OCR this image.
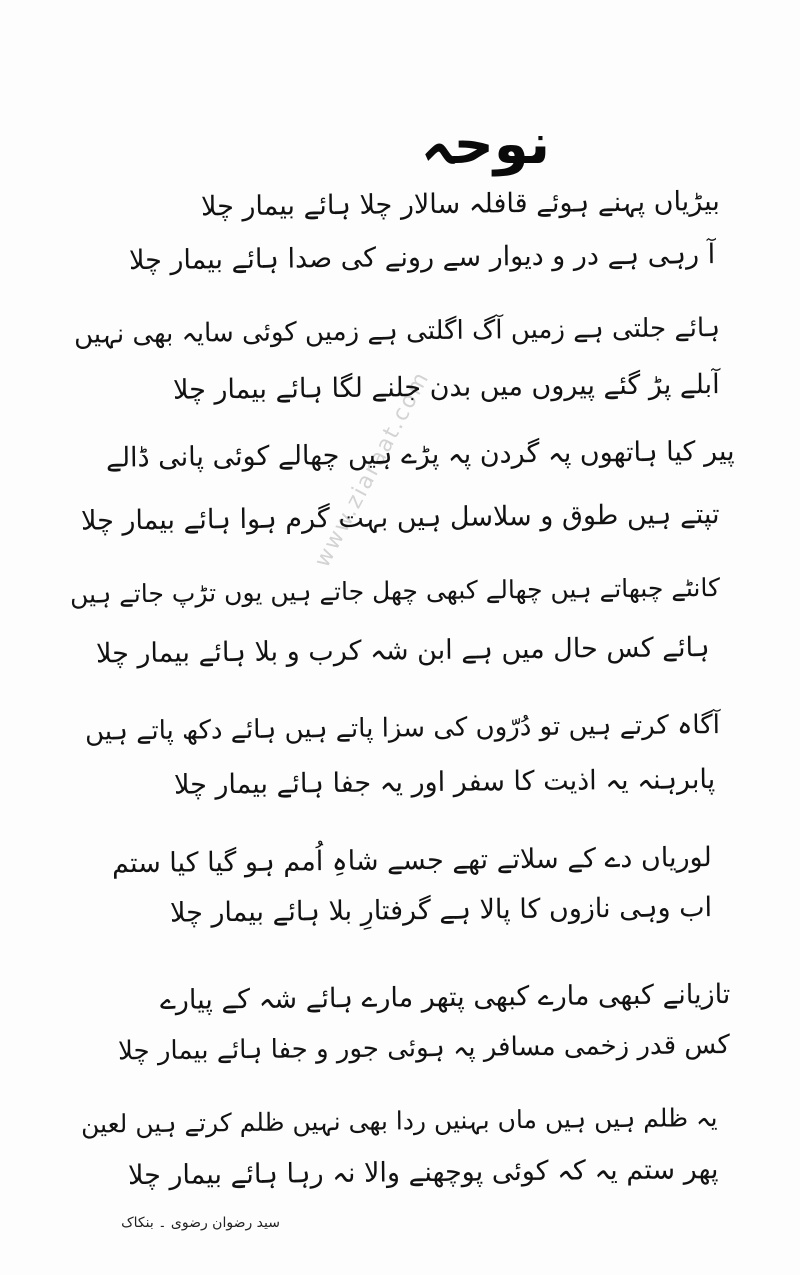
www.ziaraat.com
نوحہ
بیڑیاں پہنے ہوئے قافلہ سالار چلا ہائے بیمار چلا
آ رہی ہے در و دیوار سے رونے کی صدا ہائے بیمار چلا
ہائے جلتی ہے زمیں آگ اگلتی ہے زمیں کوئی سایہ بھی نہیں
آبلے پڑ گئے پیروں میں بدن جلنے لگا ہائے بیمار چلا
پیر کیا ہاتھوں پہ گردن پہ پڑے ہیں چھالے کوئی پانی ڈالے
تپتے ہیں طوق و سلاسل ہیں بہت گرم ہوا ہائے بیمار چلا
کانٹے چبھاتے ہیں چھالے کبھی چھل جاتے ہیں یوں تڑپ جاتے ہیں
ہائے کس حال میں ہے ابن شہ کرب و بلا ہائے بیمار چلا
آگاہ کرتے ہیں تو دُرّوں کی سزا پاتے ہیں ہائے دکھ پاتے ہیں
پابرہنہ یہ اذیت کا سفر اور یہ جفا ہائے بیمار چلا
لوریاں دے کے سلاتے تھے جسے شاہِ اُمم ہو گیا کیا ستم
اب وہی نازوں کا پالا ہے گرفتارِ بلا ہائے بیمار چلا
تازیانے کبھی مارے کبھی پتھر مارے ہائے شہ کے پیارے
کس قدر زخمی مسافر پہ ہوئی جور و جفا ہائے بیمار چلا
یہ ظلم ہیں ہیں ماں بہنیں ردا بھی نہیں ظلم کرتے ہیں لعین
پھر ستم یہ کہ کوئی پوچھنے والا نہ رہا ہائے بیمار چلا
سید رضوان رضوی ۔ بنکاک
